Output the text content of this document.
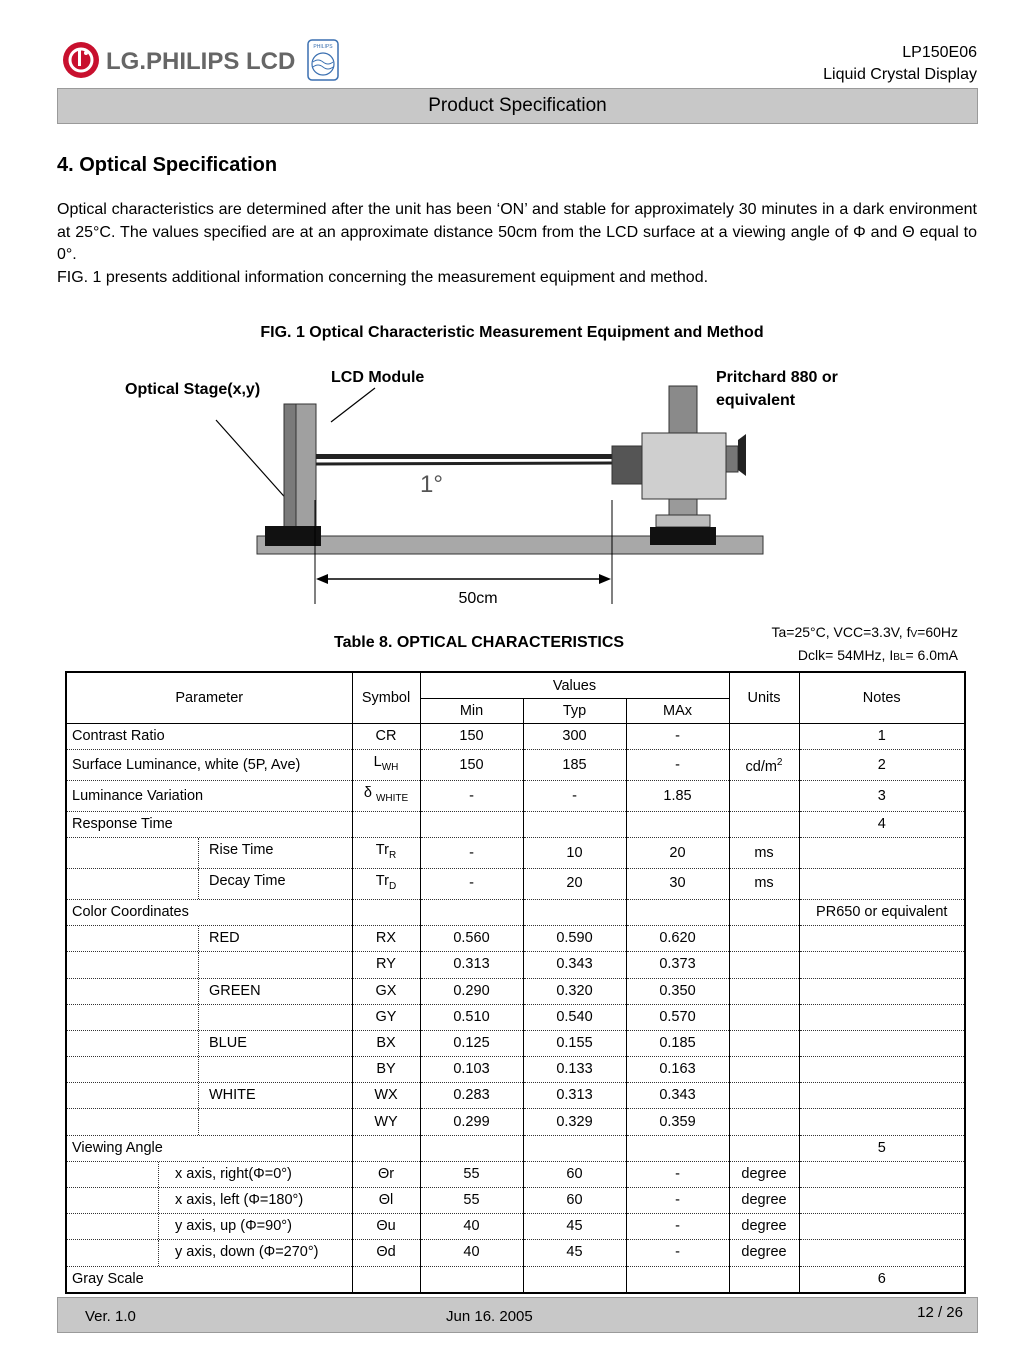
LG.PHILIPS LCD
PHILIPS	LP150E06
Liquid Crystal Display
Product Specification
4. Optical Specification

Optical characteristics are determined after the unit has been ‘ON’ and stable for approximately 30 minutes in a dark environment at 25°C. The values specified are at an approximate distance 50cm from the LCD surface at a viewing angle of Φ and Θ equal to 0°.

FIG. 1 presents additional information concerning the measurement equipment and method.

FIG. 1 Optical Characteristic Measurement Equipment and Method
Optical Stage(x,y)
LCD Module	Pritchard 880 or
equivalent
1°
50cm
Table 8. OPTICAL CHARACTERISTICS
Ta=25°C, VCC=3.3V, fV=60Hz
Dclk= 54MHz, IBL= 6.0mA
Parameter	Symbol	Values			Units	Notes
		Min	Typ	MAx		
Contrast Ratio	CR	150	300	-		1
Surface Luminance, white (5P, Ave)	$L_{WH}$	150	185	-	$cd/m^2$	2
Luminance Variation	δ $_{WHITE}$	-	-	1.85		3
Response Time						4

Rise Time	$Tr_R$	-	10	20	ms	

Decay Time	$Tr_D$	-	20	30	ms	
Color Coordinates						PR650 or equivalent

RED	RX	0.560	0.590	0.620		

	RY	0.313	0.343	0.373		

GREEN	GX	0.290	0.320	0.350		

	GY	0.510	0.540	0.570		

BLUE	BX	0.125	0.155	0.185		

	BY	0.103	0.133	0.163		

WHITE	WX	0.283	0.313	0.343		

	WY	0.299	0.329	0.359		
Viewing Angle						5

x axis, right(Φ=0°)	Θr	55	60	-	degree	

x axis, left (Φ=180°)	Θl	55	60	-	degree	

y axis, up (Φ=90°)	Θu	40	45	-	degree	

y axis, down (Φ=270°)	Θd	40	45	-	degree	
Gray Scale						6
Ver. 1.0	Jun 16. 2005	12 / 26
